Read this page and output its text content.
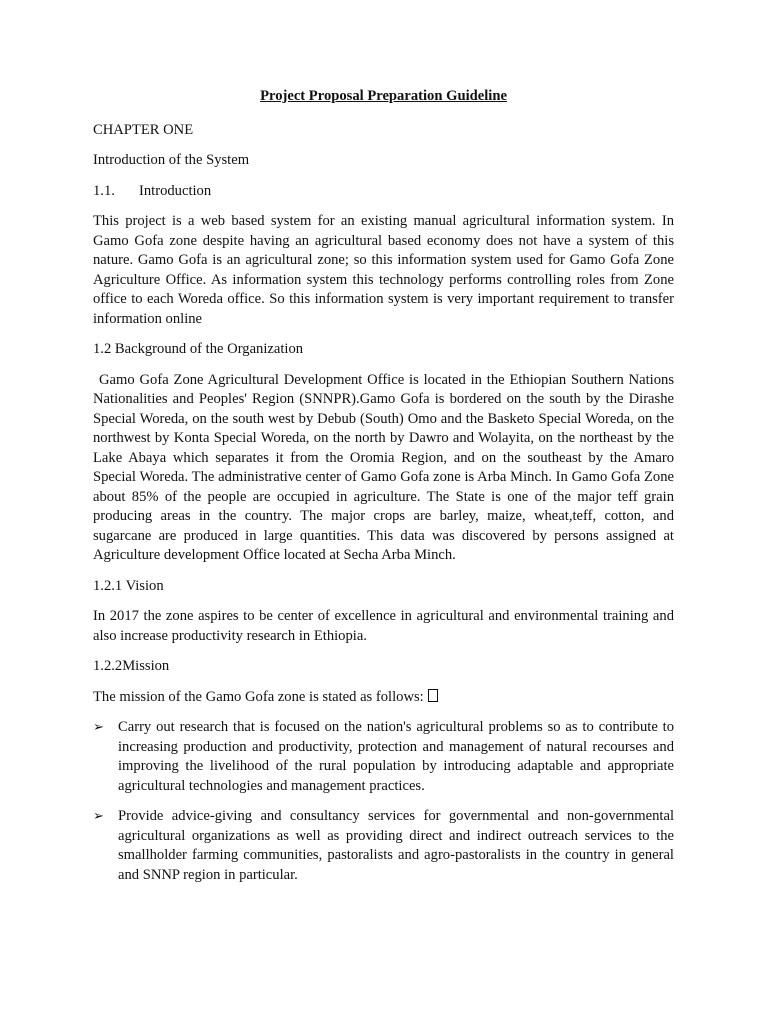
Project Proposal Preparation Guideline
CHAPTER ONE
Introduction of the System
1.1.	Introduction

This project is a web based system for an existing manual agricultural information system. In Gamo Gofa zone despite having an agricultural based economy does not have a system of this nature. Gamo Gofa is an agricultural zone; so this information system used for Gamo Gofa Zone Agriculture Office. As information system this technology performs controlling roles from Zone office to each Woreda office. So this information system is very important requirement to transfer information online

1.2 Background of the Organization

Gamo Gofa Zone Agricultural Development Office is located in the Ethiopian Southern Nations Nationalities and Peoples' Region (SNNPR).Gamo Gofa is bordered on the south by the Dirashe Special Woreda, on the south west by Debub (South) Omo and the Basketo Special Woreda, on the northwest by Konta Special Woreda, on the north by Dawro and Wolayita, on the northeast by the Lake Abaya which separates it from the Oromia Region, and on the southeast by the Amaro Special Woreda. The administrative center of Gamo Gofa zone is Arba Minch. In Gamo Gofa Zone about 85% of the people are occupied in agriculture. The State is one of the major teff grain producing areas in the country. The major crops are barley, maize, wheat,teff, cotton, and sugarcane are produced in large quantities. This data was discovered by persons assigned at Agriculture development Office located at Secha Arba Minch.

1.2.1 Vision

In 2017 the zone aspires to be center of excellence in agricultural and environmental training and also increase productivity research in Ethiopia.

1.2.2Mission
The mission of the Gamo Gofa zone is stated as follows:
➢ Carry out research that is focused on the nation's agricultural problems so as to contribute to increasing production and productivity, protection and management of natural recourses and improving the livelihood of the rural population by introducing adaptable and appropriate agricultural technologies and management practices.
➢ Provide advice-giving and consultancy services for governmental and non-governmental agricultural organizations as well as providing direct and indirect outreach services to the smallholder farming communities, pastoralists and agro-pastoralists in the country in general and SNNP region in particular.
